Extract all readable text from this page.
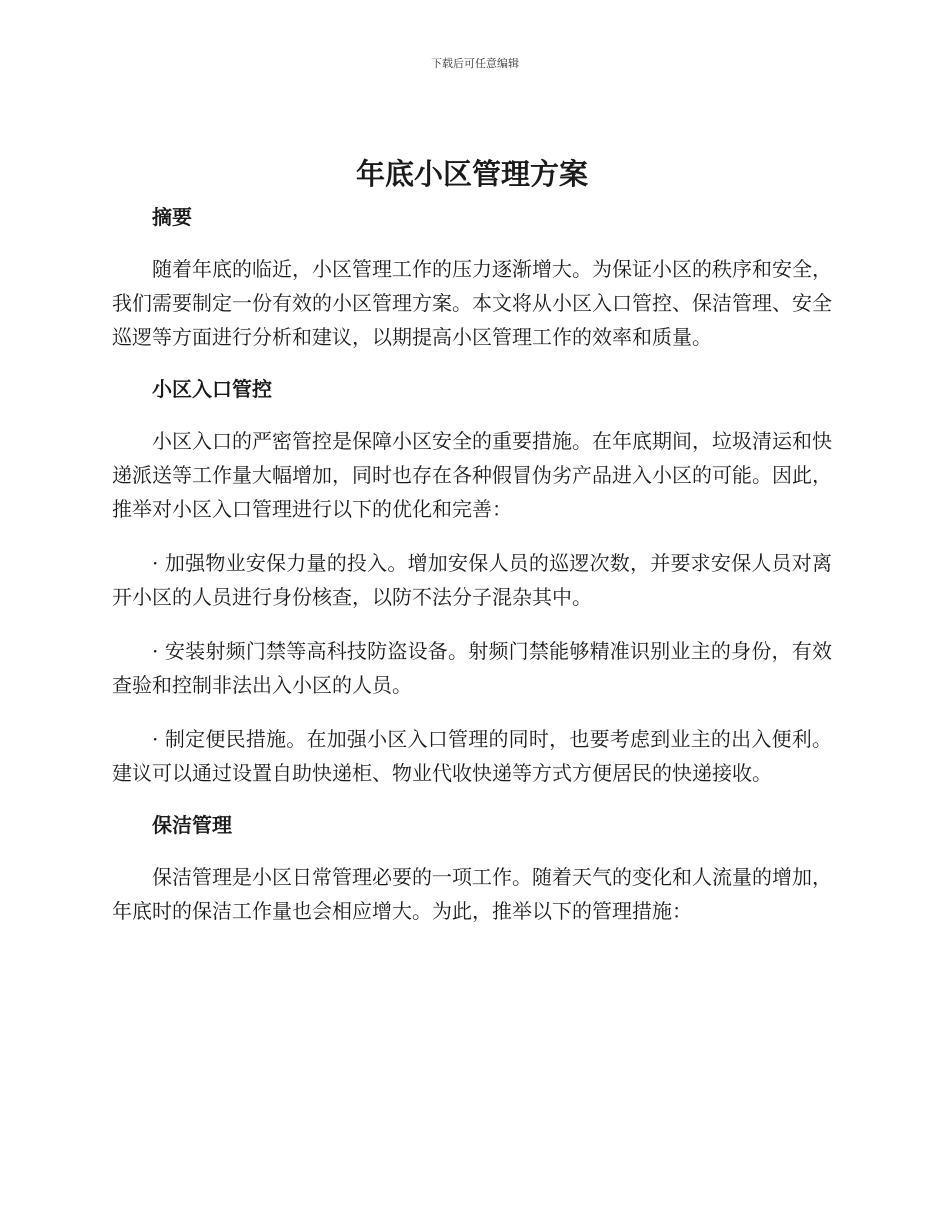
下载后可任意编辑
年底小区管理方案
摘要

随着年底的临近，小区管理工作的压力逐渐增大。为保证小区的秩序和安全，我们需要制定一份有效的小区管理方案。本文将从小区入口管控、保洁管理、安全巡逻等方面进行分析和建议，以期提高小区管理工作的效率和质量。

小区入口管控

小区入口的严密管控是保障小区安全的重要措施。在年底期间，垃圾清运和快递派送等工作量大幅增加，同时也存在各种假冒伪劣产品进入小区的可能。因此，推举对小区入口管理进行以下的优化和完善：

· 加强物业安保力量的投入。增加安保人员的巡逻次数，并要求安保人员对离开小区的人员进行身份核查，以防不法分子混杂其中。

· 安装射频门禁等高科技防盗设备。射频门禁能够精准识别业主的身份，有效查验和控制非法出入小区的人员。

· 制定便民措施。在加强小区入口管理的同时，也要考虑到业主的出入便利。建议可以通过设置自助快递柜、物业代收快递等方式方便居民的快递接收。

保洁管理

保洁管理是小区日常管理必要的一项工作。随着天气的变化和人流量的增加，年底时的保洁工作量也会相应增大。为此，推举以下的管理措施：
